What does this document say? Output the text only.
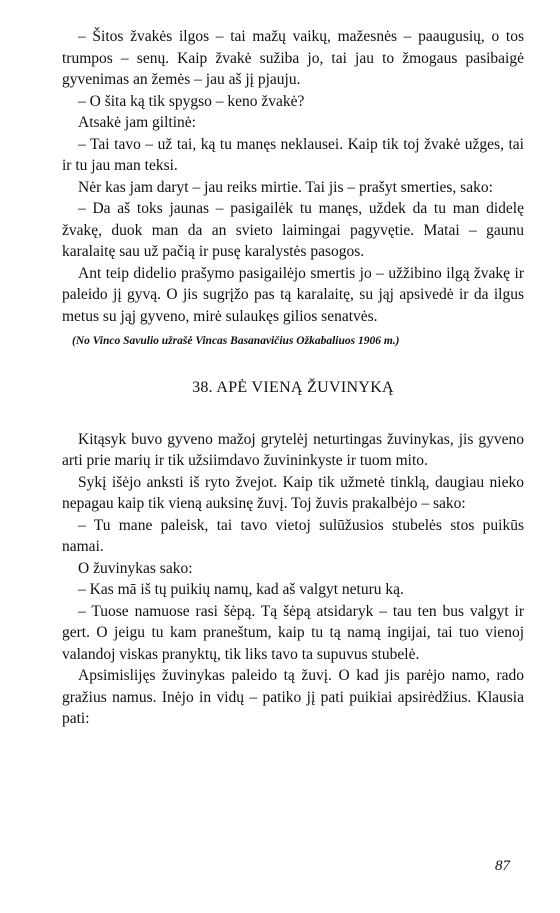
– Šitos žvakės ilgos – tai mažų vaikų, mažesnės – paaugusių, o tos trumpos – senų. Kaip žvakė sužiba jo, tai jau to žmogaus pasibaigė gyvenimas an žemės – jau aš jį pjauju.

– O šita ką tik spygso – keno žvakė?

Atsakė jam giltinė:

– Tai tavo – už tai, ką tu manęs neklausei. Kaip tik toj žvakė užges, tai ir tu jau man teksi.

Nėr kas jam daryt – jau reiks mirtie. Tai jis – prašyt smerties, sako:

– Da aš toks jaunas – pasigailėk tu manęs, uždek da tu man didelę žvakę, duok man da an svieto laimingai pagyvętie. Matai – gaunu karalaitę sau už pačią ir pusę karalystės pasogos.

Ant teip didelio prašymo pasigailėjo smertis jo – užžibino ilgą žvakę ir paleido jį gyvą. O jis sugrįžo pas tą karalaitę, su jąj apsivedė ir da ilgus metus su jąj gyveno, mirė sulaukęs gilios senatvės.

(No Vinco Savulio užrašė Vincas Basanavičius Ožkabaliuos 1906 m.)

38. APĖ VIENĄ ŽUVINYKĄ

Kitąsyk buvo gyveno mažoj grytelėj neturtingas žuvinykas, jis gyveno arti prie marių ir tik užsiimdavo žuvininkyste ir tuom mito.

Sykį išėjo anksti iš ryto žvejot. Kaip tik užmetė tinklą, daugiau nieko nepagau kaip tik vieną auksinę žuvį. Toj žuvis prakalbėjo – sako:

– Tu mane paleisk, tai tavo vietoj sulūžusios stubelės stos puikūs namai.

O žuvinykas sako:

– Kas mā iš tų puikių namų, kad aš valgyt neturu ką.

– Tuose namuose rasi šėpą. Tą šėpą atsidaryk – tau ten bus valgyt ir gert. O jeigu tu kam praneštum, kaip tu tą namą ingijai, tai tuo vienoj valandoj viskas pranyktų, tik liks tavo ta supuvus stubelė.

Apsimislijęs žuvinykas paleido tą žuvį. O kad jis parėjo namo, rado gražius namus. Inėjo in vidų – patiko jį pati puikiai apsirėdžius. Klausia pati:

87
